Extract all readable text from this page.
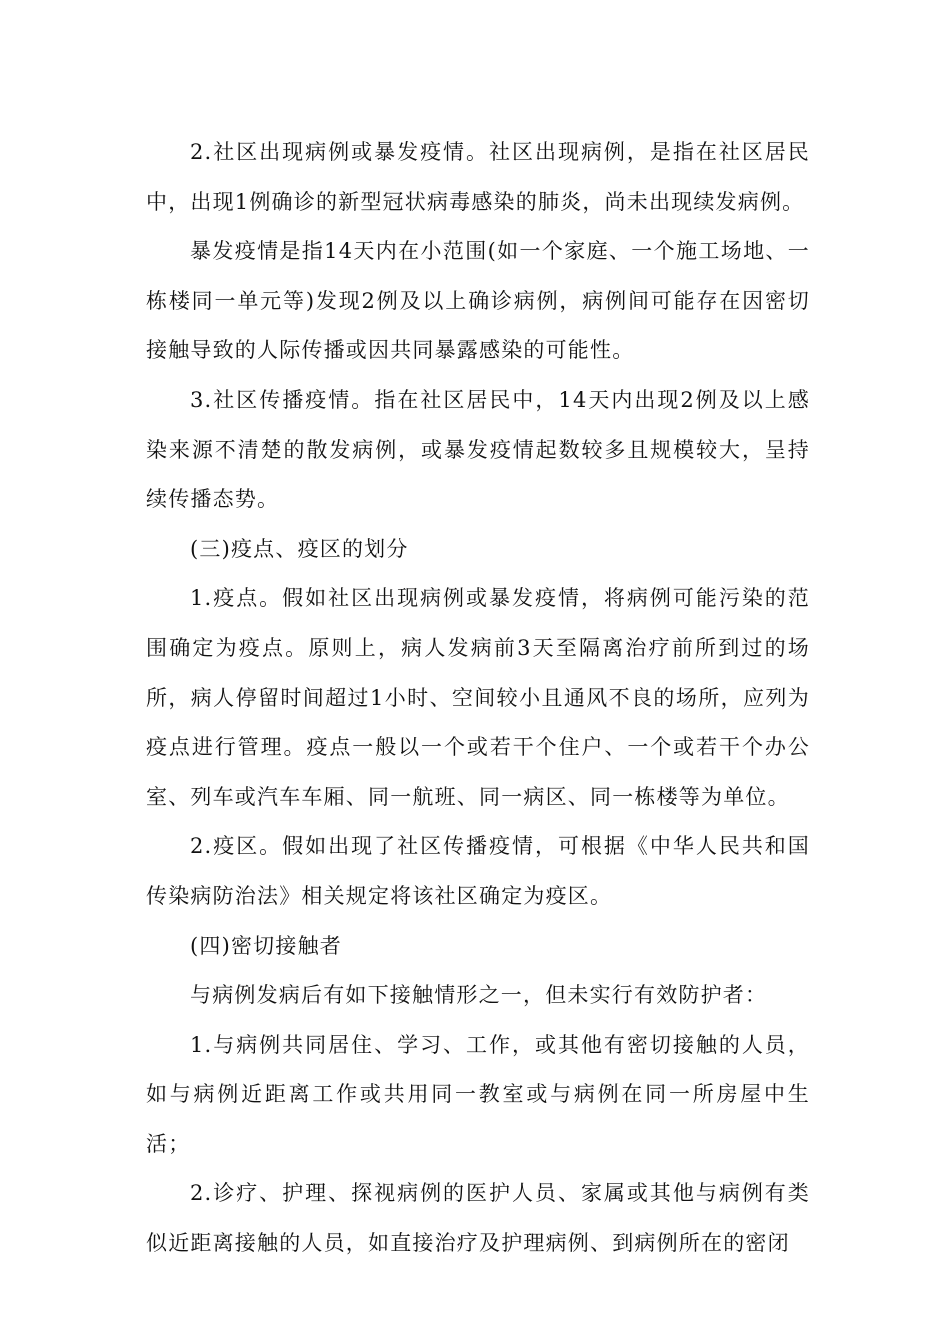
2.社区出现病例或暴发疫情。社区出现病例，是指在社区居民中，出现1例确诊的新型冠状病毒感染的肺炎，尚未出现续发病例。

暴发疫情是指14天内在小范围(如一个家庭、一个施工场地、一栋楼同一单元等)发现2例及以上确诊病例，病例间可能存在因密切接触导致的人际传播或因共同暴露感染的可能性。

3.社区传播疫情。指在社区居民中，14天内出现2例及以上感染来源不清楚的散发病例，或暴发疫情起数较多且规模较大，呈持续传播态势。

(三)疫点、疫区的划分

1.疫点。假如社区出现病例或暴发疫情，将病例可能污染的范围确定为疫点。原则上，病人发病前3天至隔离治疗前所到过的场所，病人停留时间超过1小时、空间较小且通风不良的场所，应列为疫点进行管理。疫点一般以一个或若干个住户、一个或若干个办公室、列车或汽车车厢、同一航班、同一病区、同一栋楼等为单位。

2.疫区。假如出现了社区传播疫情，可根据《中华人民共和国传染病防治法》相关规定将该社区确定为疫区。

(四)密切接触者

与病例发病后有如下接触情形之一，但未实行有效防护者：

1.与病例共同居住、学习、工作，或其他有密切接触的人员，如与病例近距离工作或共用同一教室或与病例在同一所房屋中生活；

2.诊疗、护理、探视病例的医护人员、家属或其他与病例有类似近距离接触的人员，如直接治疗及护理病例、到病例所在的密闭
